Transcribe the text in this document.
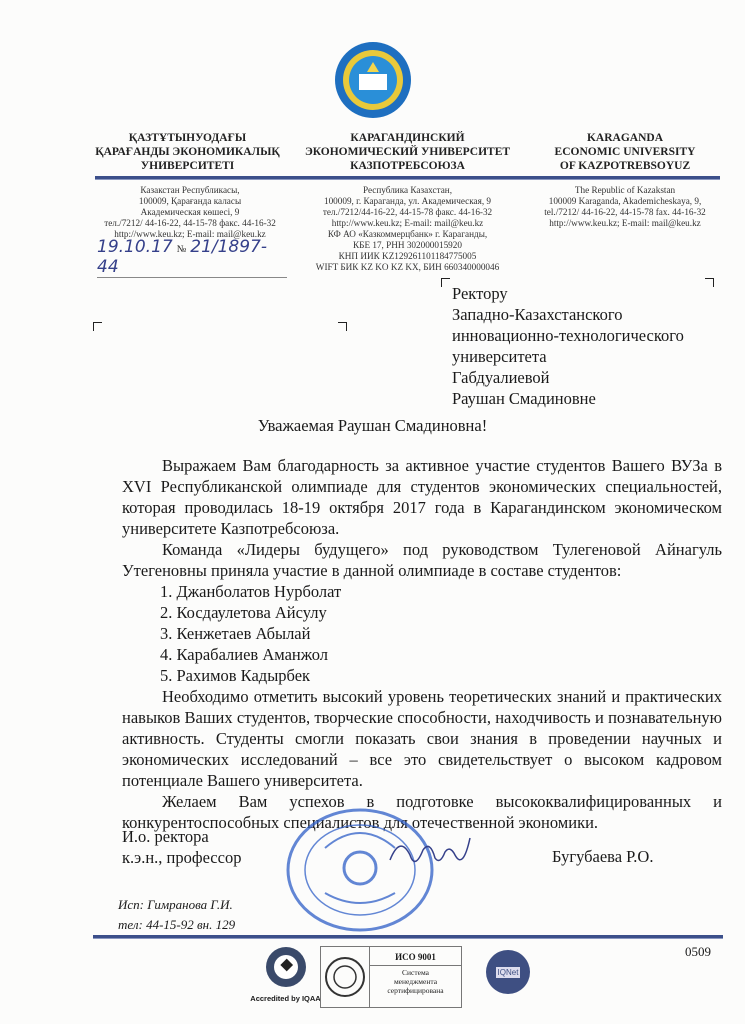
ҚАЗТҰТЫНУОДАҒЫ
ҚАРАҒАНДЫ ЭКОНОМИКАЛЫҚ
УНИВЕРСИТЕТІ
КАРАГАНДИНСКИЙ
ЭКОНОМИЧЕСКИЙ УНИВЕРСИТЕТ
КАЗПОТРЕБСОЮЗА
KARAGANDA
ECONOMIC UNIVERSITY
OF KAZPOTREBSOYUZ
Казакстан Республикасы,
100009, Қарағанда каласы
Академическая көшесі, 9
тел./7212/ 44-16-22, 44-15-78 факс. 44-16-32
http://www.keu.kz; E-mail: mail@keu.kz
Республика Казахстан,
100009, г. Караганда, ул. Академическая, 9
тел./7212/44-16-22, 44-15-78 факс. 44-16-32
http://www.keu.kz; E-mail: mail@keu.kz
КФ АО «Казкоммерцбанк» г. Караганды,
КБЕ 17, РНН 302000015920
КНП ИИК KZ129261101184775005
WIFT БИК KZ KO KZ KX, БИН 660340000046
The Republic of Kazakstan
100009 Karaganda, Akademicheskaya, 9,
tel./7212/ 44-16-22, 44-15-78 fax. 44-16-32
http://www.keu.kz; E-mail: mail@keu.kz
19.10.17 № 21/1897-44
Ректору
Западно-Казахстанского
инновационно-технологического
университета
Габдуалиевой
Раушан Смадиновне
Уважаемая Раушан Смадиновна!

Выражаем Вам благодарность за активное участие студентов Вашего ВУЗа в XVI Республиканской олимпиаде для студентов экономических специальностей, которая проводилась 18-19 октября 2017 года в Карагандинском экономическом университете Казпотребсоюза.

Команда «Лидеры будущего» под руководством Тулегеновой Айнагуль Утегеновны приняла участие в данной олимпиаде в составе студентов:

1. Джанболатов Нурболат
2. Косдаулетова Айсулу
3. Кенжетаев Абылай
4. Карабалиев Аманжол
5. Рахимов Кадырбек

Необходимо отметить высокий уровень теоретических знаний и практических навыков Ваших студентов, творческие способности, находчивость и познавательную активность. Студенты смогли показать свои знания в проведении научных и экономических исследований – все это свидетельствует о высоком кадровом потенциале Вашего университета.

Желаем Вам успехов в подготовке высококвалифицированных и конкурентоспособных специалистов для отечественной экономики.

И.о. ректора
к.э.н., профессор	Бугубаева Р.О.
Исп: Гимранова Г.И.
тел: 44-15-92 вн. 129
Accredited by IQAA
ИСО 9001
Система
менеджмента
сертифицирована
IQNet
0509
